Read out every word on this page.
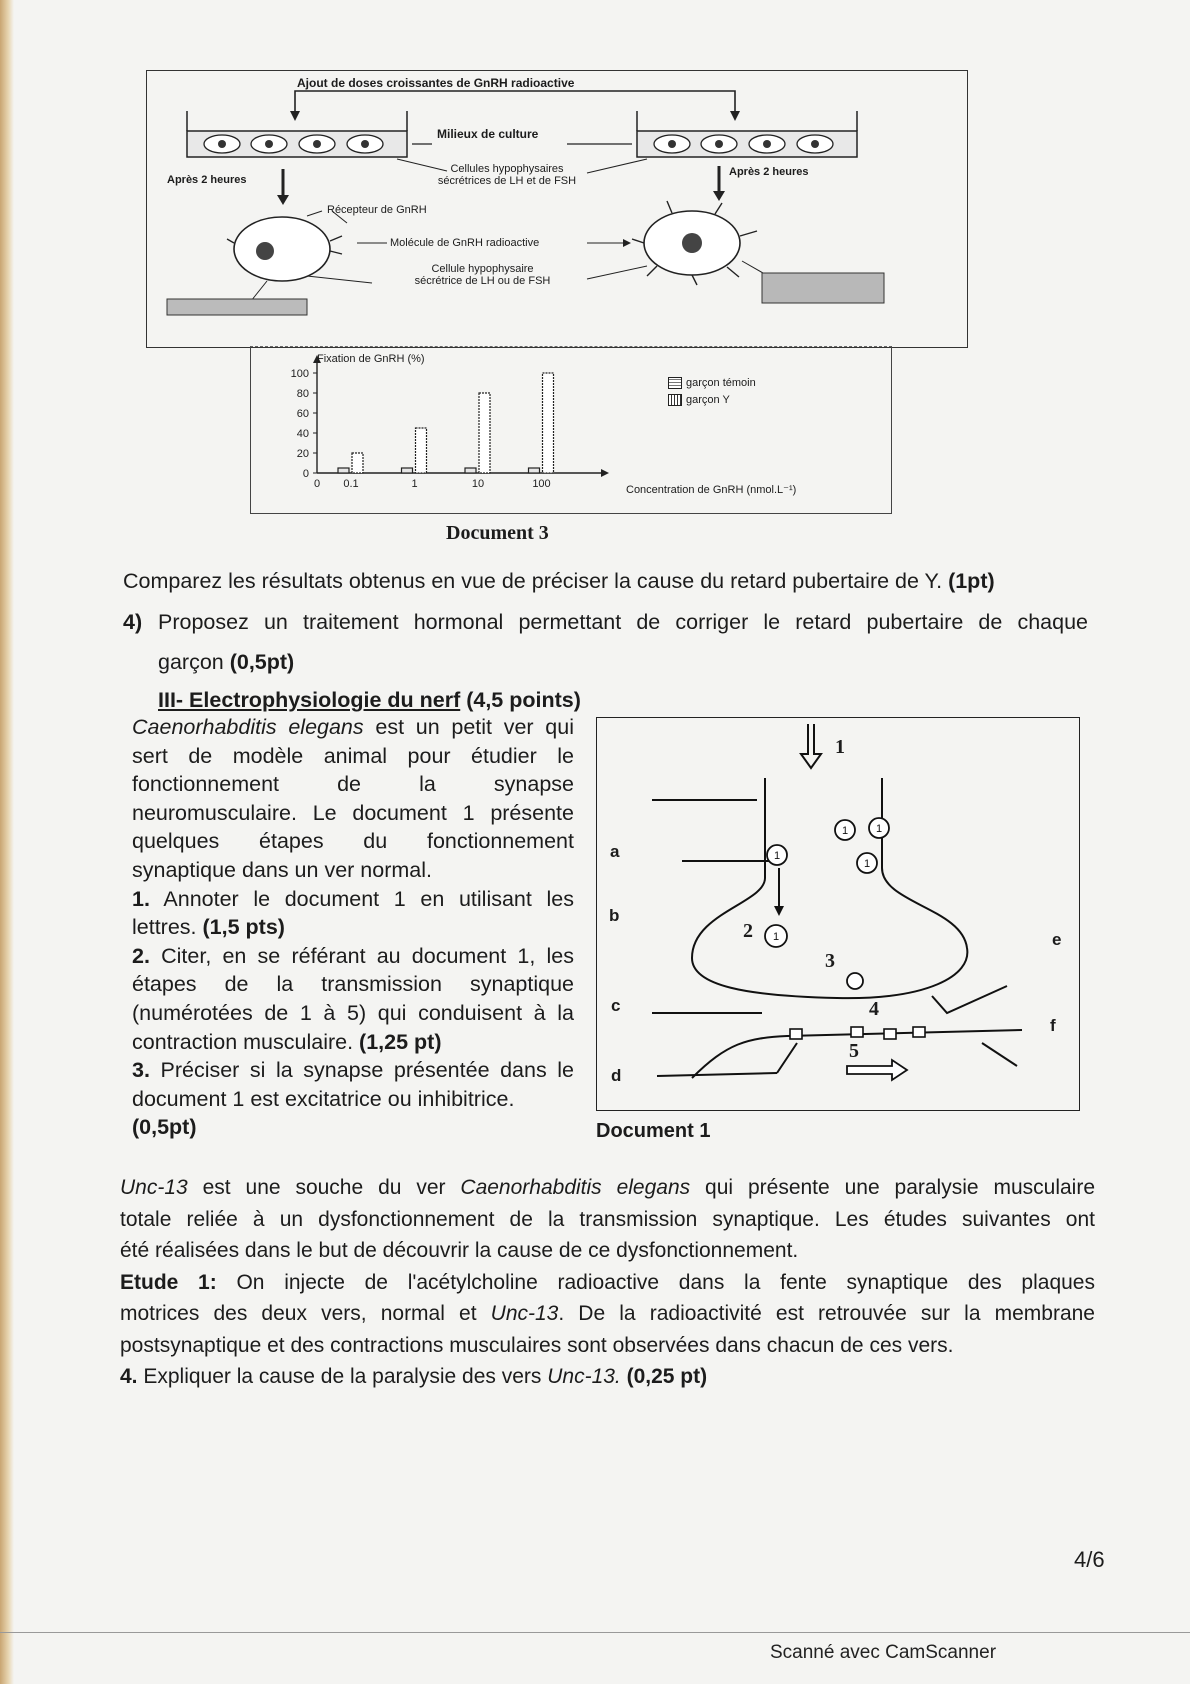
Ajout de doses croissantes de GnRH radioactive
Milieux de culture
Cellules hypophysaires
sécrétrices de LH et de FSH
Après 2 heures
Après 2 heures
Récepteur de GnRH
Molécule de GnRH radioactive
Cellule hypophysaire
sécrétrice de LH ou de FSH
100
80
60
40
20
0
0 0.1	1	10	100
Fixation de GnRH (%)
Concentration de GnRH (nmol.L⁻¹)
garçon témoin
garçon Y
Document 3
Comparez les résultats obtenus en vue de préciser la cause du retard pubertaire de Y. (1pt)
4) Proposez un traitement hormonal permettant de corriger le retard pubertaire de chaque
garçon (0,5pt)
III- Electrophysiologie du nerf (4,5 points)
Caenorhabditis elegans est un petit ver qui
sert de modèle animal pour étudier le
fonctionnement de la synapse
neuromusculaire. Le document 1 présente
quelques étapes du fonctionnement
synaptique dans un ver normal.
1. Annoter le document 1 en utilisant les
lettres. (1,5 pts)
2. Citer, en se référant au document 1, les
étapes de la transmission synaptique
(numérotées de 1 à 5) qui conduisent à la
contraction musculaire. (1,25 pt)
3. Préciser si la synapse présentée dans le
document 1 est excitatrice ou inhibitrice.
(0,5pt)
1
1	1
1
1
1
2
3
4
5
a
b
c
d
e
f
Document 1
Unc-13 est une souche du ver Caenorhabditis elegans qui présente une paralysie musculaire
totale reliée à un dysfonctionnement de la transmission synaptique. Les études suivantes ont
été réalisées dans le but de découvrir la cause de ce dysfonctionnement.
Etude 1: On injecte de l'acétylcholine radioactive dans la fente synaptique des plaques
motrices des deux vers, normal et Unc-13. De la radioactivité est retrouvée sur la membrane
postsynaptique et des contractions musculaires sont observées dans chacun de ces vers.
4. Expliquer la cause de la paralysie des vers Unc-13. (0,25 pt)
4/6
Scanné avec CamScanner
